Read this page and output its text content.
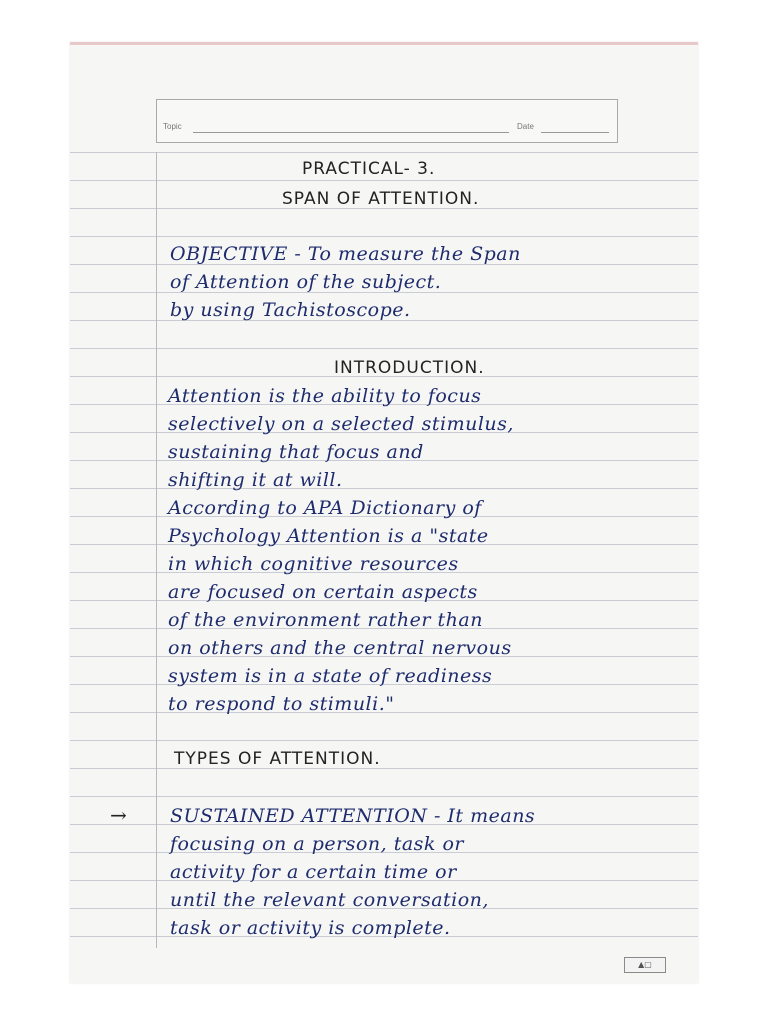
Topic	Date
PRACTICAL- 3.
SPAN OF ATTENTION.
OBJECTIVE - To measure the Span
of Attention of the subject.
by using Tachistoscope.
INTRODUCTION.
Attention is the ability to focus
selectively on a selected stimulus,
sustaining that focus and
shifting it at will.
According to APA Dictionary of
Psychology Attention is a "state
in which cognitive resources
are focused on certain aspects
of the environment rather than
on others and the central nervous
system is in a state of readiness
to respond to stimuli."
TYPES OF ATTENTION.
→ SUSTAINED ATTENTION - It means
focusing on a person, task or
activity for a certain time or
until the relevant conversation,
task or activity is complete.
▲▢
